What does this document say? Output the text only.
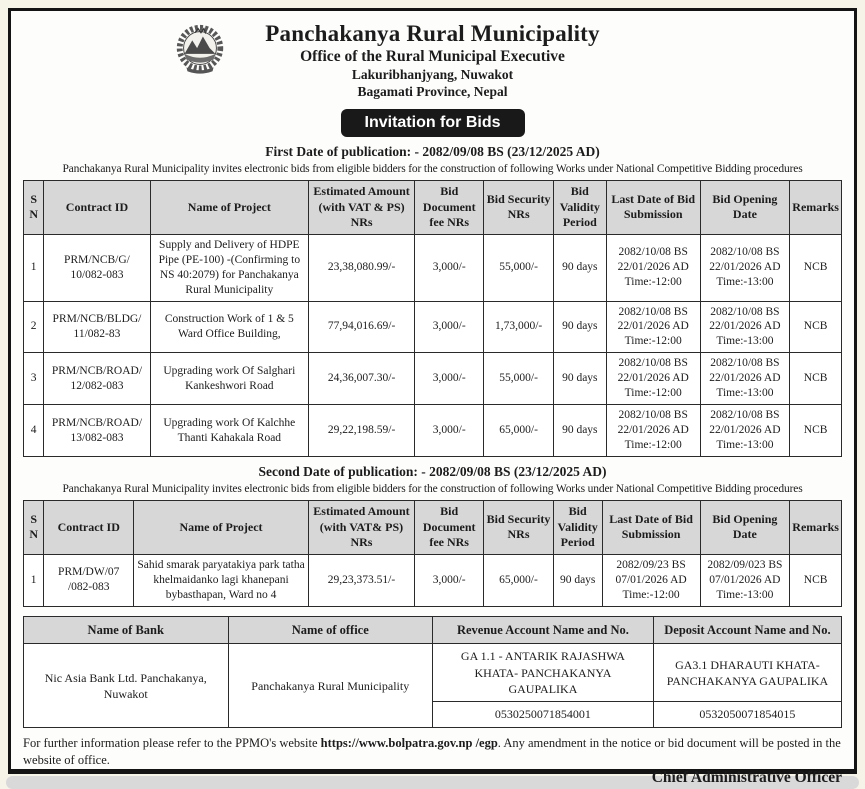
Panchakanya Rural Municipality
Office of the Rural Municipal Executive
Lakuribhanjyang, Nuwakot
Bagamati Province, Nepal
Invitation for Bids
First Date of publication: - 2082/09/08 BS (23/12/2025 AD)
Panchakanya Rural Municipality invites electronic bids from eligible bidders for the construction of following Works under National Competitive Bidding procedures
S N	Contract ID	Name of Project	Estimated Amount (with VAT & PS) NRs	Bid Document fee NRs	Bid Security NRs	Bid Validity Period	Last Date of Bid Submission	Bid Opening Date	Remarks
1	PRM/NCB/G/ 10/082-083	Supply and Delivery of HDPE Pipe (PE-100) -(Confirming to NS 40:2079) for Panchakanya Rural Municipality	23,38,080.99/-	3,000/-	55,000/-	90 days	2082/10/08 BS 22/01/2026 AD Time:-12:00	2082/10/08 BS 22/01/2026 AD Time:-13:00	NCB
2	PRM/NCB/BLDG/ 11/082-83	Construction Work of 1 & 5 Ward Office Building,	77,94,016.69/-	3,000/-	1,73,000/-	90 days	2082/10/08 BS 22/01/2026 AD Time:-12:00	2082/10/08 BS 22/01/2026 AD Time:-13:00	NCB
3	PRM/NCB/ROAD/ 12/082-083	Upgrading work Of Salghari Kankeshwori Road	24,36,007.30/-	3,000/-	55,000/-	90 days	2082/10/08 BS 22/01/2026 AD Time:-12:00	2082/10/08 BS 22/01/2026 AD Time:-13:00	NCB
4	PRM/NCB/ROAD/ 13/082-083	Upgrading work Of Kalchhe Thanti Kahakala Road	29,22,198.59/-	3,000/-	65,000/-	90 days	2082/10/08 BS 22/01/2026 AD Time:-12:00	2082/10/08 BS 22/01/2026 AD Time:-13:00	NCB
Second Date of publication: - 2082/09/08 BS (23/12/2025 AD)
Panchakanya Rural Municipality invites electronic bids from eligible bidders for the construction of following Works under National Competitive Bidding procedures
S N	Contract ID	Name of Project	Estimated Amount (with VAT& PS) NRs	Bid Document fee NRs	Bid Security NRs	Bid Validity Period	Last Date of Bid Submission	Bid Opening Date	Remarks
1	PRM/DW/07 /082-083	Sahid smarak paryatakiya park tatha khelmaidanko lagi khanepani bybasthapan, Ward no 4	29,23,373.51/-	3,000/-	65,000/-	90 days	2082/09/23 BS 07/01/2026 AD Time:-12:00	2082/09/023 BS 07/01/2026 AD Time:-13:00	NCB
Name of Bank	Name of office	Revenue Account Name and No.	Deposit Account Name and No.
Nic Asia Bank Ltd. Panchakanya, Nuwakot	Panchakanya Rural Municipality	GA 1.1 - ANTARIK RAJASHWA KHATA- PANCHAKANYA GAUPALIKA	GA3.1 DHARAUTI KHATA- PANCHAKANYA GAUPALIKA
		0530250071854001	0532050071854015
For further information please refer to the PPMO's website https://www.bolpatra.gov.np /egp. Any amendment in the notice or bid document will be posted in the website of office.
Chief Administrative Officer
